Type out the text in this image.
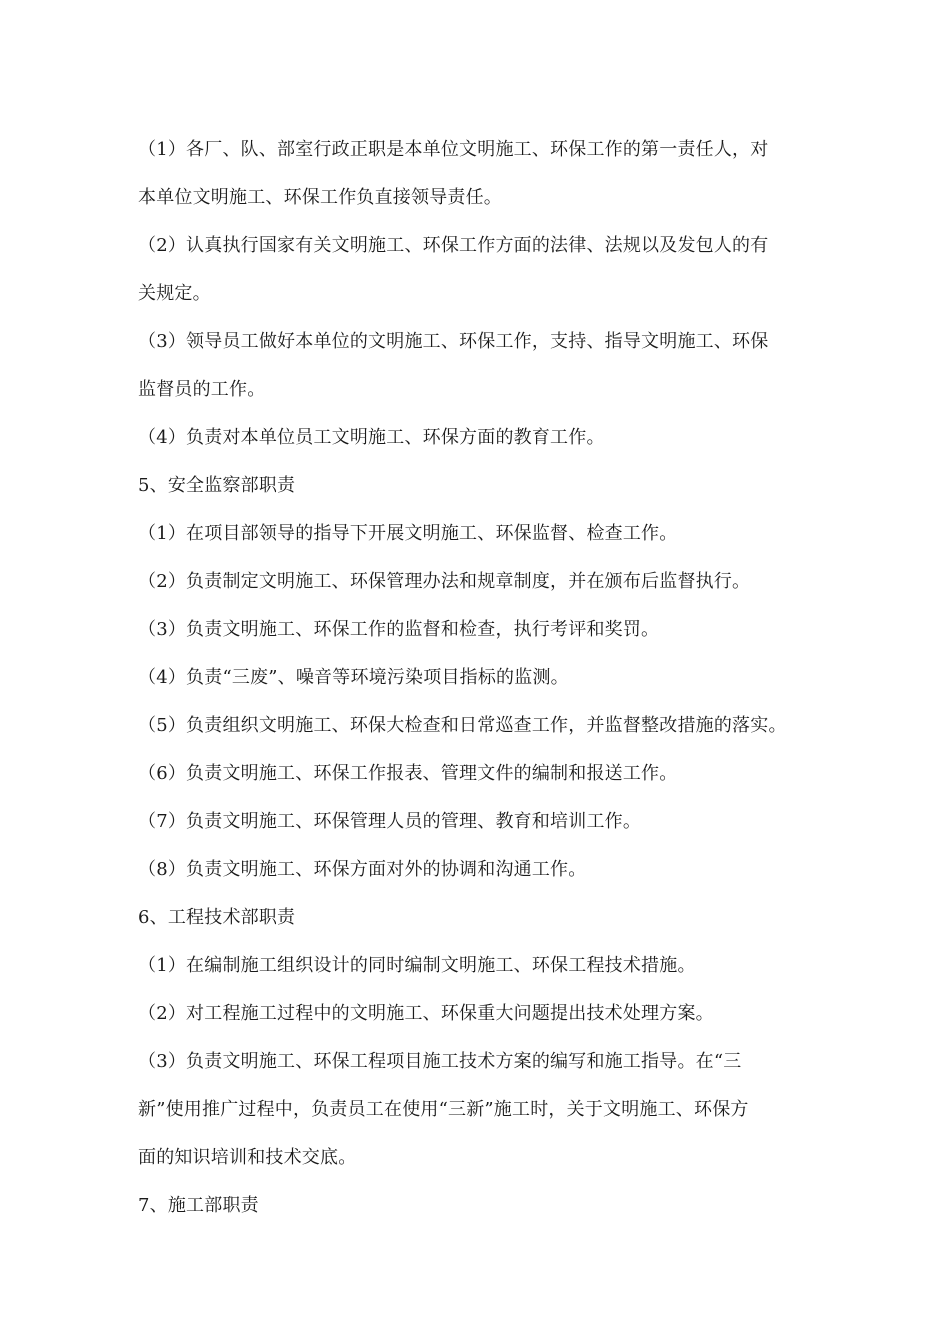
（1）各厂、队、部室行政正职是本单位文明施工、环保工作的第一责任人，对
本单位文明施工、环保工作负直接领导责任。
（2）认真执行国家有关文明施工、环保工作方面的法律、法规以及发包人的有
关规定。
（3）领导员工做好本单位的文明施工、环保工作，支持、指导文明施工、环保
监督员的工作。
（4）负责对本单位员工文明施工、环保方面的教育工作。
5、安全监察部职责
（1）在项目部领导的指导下开展文明施工、环保监督、检查工作。
（2）负责制定文明施工、环保管理办法和规章制度，并在颁布后监督执行。
（3）负责文明施工、环保工作的监督和检查，执行考评和奖罚。
（4）负责“三废”、噪音等环境污染项目指标的监测。
（5）负责组织文明施工、环保大检查和日常巡查工作，并监督整改措施的落实。
（6）负责文明施工、环保工作报表、管理文件的编制和报送工作。
（7）负责文明施工、环保管理人员的管理、教育和培训工作。
（8）负责文明施工、环保方面对外的协调和沟通工作。
6、工程技术部职责
（1）在编制施工组织设计的同时编制文明施工、环保工程技术措施。
（2）对工程施工过程中的文明施工、环保重大问题提出技术处理方案。
（3）负责文明施工、环保工程项目施工技术方案的编写和施工指导。在“三
新”使用推广过程中，负责员工在使用“三新”施工时，关于文明施工、环保方
面的知识培训和技术交底。
7、施工部职责
